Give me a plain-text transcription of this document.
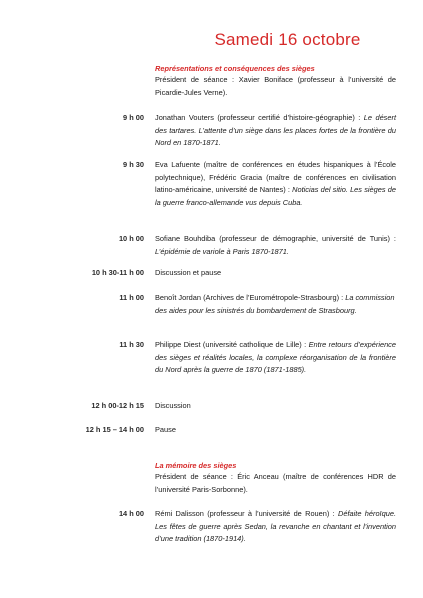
Samedi 16 octobre
Représentations et conséquences des sièges
Président de séance : Xavier Boniface (professeur à l’université de Picardie-Jules Verne).
9 h 00 Jonathan Vouters (professeur certifié d’histoire-géographie) : Le désert des tartares. L’attente d’un siège dans les places fortes de la frontière du Nord en 1870-1871.
9 h 30 Eva Lafuente (maître de conférences en études hispaniques à l’École polytechnique), Frédéric Gracia (maître de conférences en civilisation latino-américaine, université de Nantes) : Noticias del sitio. Les sièges de la guerre franco-allemande vus depuis Cuba.
10 h 00 Sofiane Bouhdiba (professeur de démographie, université de Tunis) : L’épidémie de variole à Paris 1870-1871.
10 h 30-11 h 00 Discussion et pause
11 h 00 Benoît Jordan (Archives de l’Eurométropole-Strasbourg) : La commission des aides pour les sinistrés du bombardement de Strasbourg.
11 h 30 Philippe Diest (université catholique de Lille) : Entre retours d’expérience des sièges et réalités locales, la complexe réorganisation de la frontière du Nord après la guerre de 1870 (1871-1885).
12 h 00-12 h 15 Discussion
12 h 15 – 14 h 00 Pause
La mémoire des sièges
Président de séance : Éric Anceau (maître de conférences HDR de l’université Paris-Sorbonne).
14 h 00 Rémi Dalisson (professeur à l’université de Rouen) : Défaite héroïque. Les fêtes de guerre après Sedan, la revanche en chantant et l’invention d’une tradition (1870-1914).
